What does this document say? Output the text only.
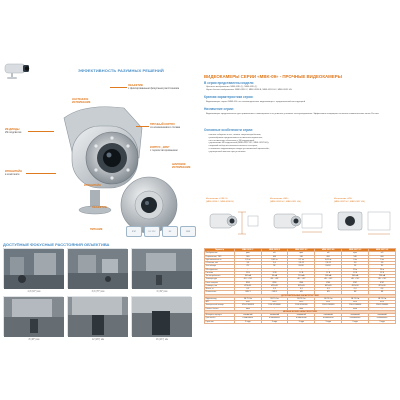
ЭФФЕКТИВНОСТЬ РАЗУМНЫХ РЕШЕНИЙ
ОБЪЕКТИВ
с фиксированным фокусным расстоянием
НАСТЕННОЕ
ИСПОЛНЕНИЕ
ПРОЧНЫЙ КОРПУС
из алюминиевого сплава
ИК-ДИОДЫ
ИК-подсветки
КРОНШТЕЙН
в комплекте
КОРПУС „ЗИМ“
с термостатированием
КРОНШТЕЙН
ОБЪЕКТИВ
ПИТАНИЕ
ШАРОВОЕ
ИСПОЛНЕНИЕ
IP67	DC 12V	ИК	DNR
ДОСТУПНЫЕ ФОКУСНЫЕ РАССТОЯНИЯ ОБЪЕКТИВА
2,8 (93°) мм	3,6 (78°) мм	6 (49°) мм
8 (38°) мм	12 (26°) мм	16 (21°) мм
ВИДЕОКАМЕРЫ СЕРИИ «MBK-09» - ПРОЧНЫЕ ВИДЕОКАМЕРЫ
В серии представлены модели
Цветного изображения: MBK-09D (L), MBK-09D (L)
Черно-белого изображения: MBK-0930 С, MBK-0930 В, MBK-0931 НС, MBK-0931 НS
Краткая характеристика серии:
Видеокамеры серии «MBK-09» это антивандальные видеокамеры с продолженной конструкцией
Назначение серии:
Видеокамеры предназначены для применения в помещениях и на уличных условиях эксплуатирования. Эффективно защищают во многих климатических зонах России.
Основные особенности серии:
• малые габариты и вес, низкое энергопотребление;
• разнообразие предлагаемых оптических вариантов;
• все оптические объективы с ИК-коррекцией;
• управление ИК-подсветкой (MBK-0937 НС, MBK-0937 НS);
• широкий набор высококачественных сенсоров;
• в комплект видеокамеры входит установочный кронштейн;
• упрощенный монтаж при установке.
Исполнение «ОКЕ 3»
(MBK-0930 С, MBK-0930 В)
Исполнение «M3»
(MBK-0931 НС, MBK-0931 НS)
Исполнение «ИК»
(MBK-0937 НС, MBK-0937 НS)
Параметр	MBK-0930 С	MBK-0930 В	MBK-0931 НС	MBK-0931 НS	MBK-0937 НС	MBK-0937 НS
Изображение	цвет	ч/б	цвет	ч/б	цвет	ч/б
Разрешение, ТВЛ	540	600	540	600	540	600
Чувствительность	0,1 лк	0,01 лк	0,1 лк	0,01 лк	0 лк	0 лк
Объектив, мм	3,6	3,6	2,8-12	2,8-12	3,6	3,6
Угол обзора	78°	78°	93-26°	93-26°	78°	78°
ИК-подсветка	-	-	-	-	20 м	20 м
Питание	12 В	12 В	12 В	12 В	12 В	12 В
Ток потребления	100 мА	90 мА	110 мА	100 мА	300 мА	290 мА
Температура	-40…+50°	-40…+50°	-40…+50°	-40…+50°	-40…+50°	-40…+50°
Класс защиты	IP66	IP66	IP66	IP66	IP67	IP67
Размеры, мм	Ø70×65	Ø70×65	Ø70×65	Ø70×65	Ø70×90	Ø70×90
Масса, кг	0,3	0,3	0,3	0,3	0,4	0,4
Исполнение	ОКЕ 3	ОКЕ 3	М3	М3	ИК	ИК
ДОПОЛНИТЕЛЬНЫЕ ХАРАКТЕРИСТИКИ						
Видеовыход	1В 75 Ом	1В 75 Ом	1В 75 Ом	1В 75 Ом	1В 75 Ом	1В 75 Ом
АРУ	есть	есть	есть	есть	есть	есть
Электронный затвор	1/50-1/100000	1/50-1/100000	1/50-1/100000	1/50-1/100000	1/50-1/100000	1/50-1/100000
Баланс белого	авто	-	авто	-	авто	-
МЕХАНИЧЕСКИЕ ХАРАКТЕРИСТИКИ						
Материал корпуса	алюминий	алюминий	алюминий	алюминий	алюминий	алюминий
Кронштейн	в комплекте	в комплекте	в комплекте	в комплекте	в комплекте	в комплекте
Гарантия	3 года	3 года	3 года	3 года	3 года	3 года
